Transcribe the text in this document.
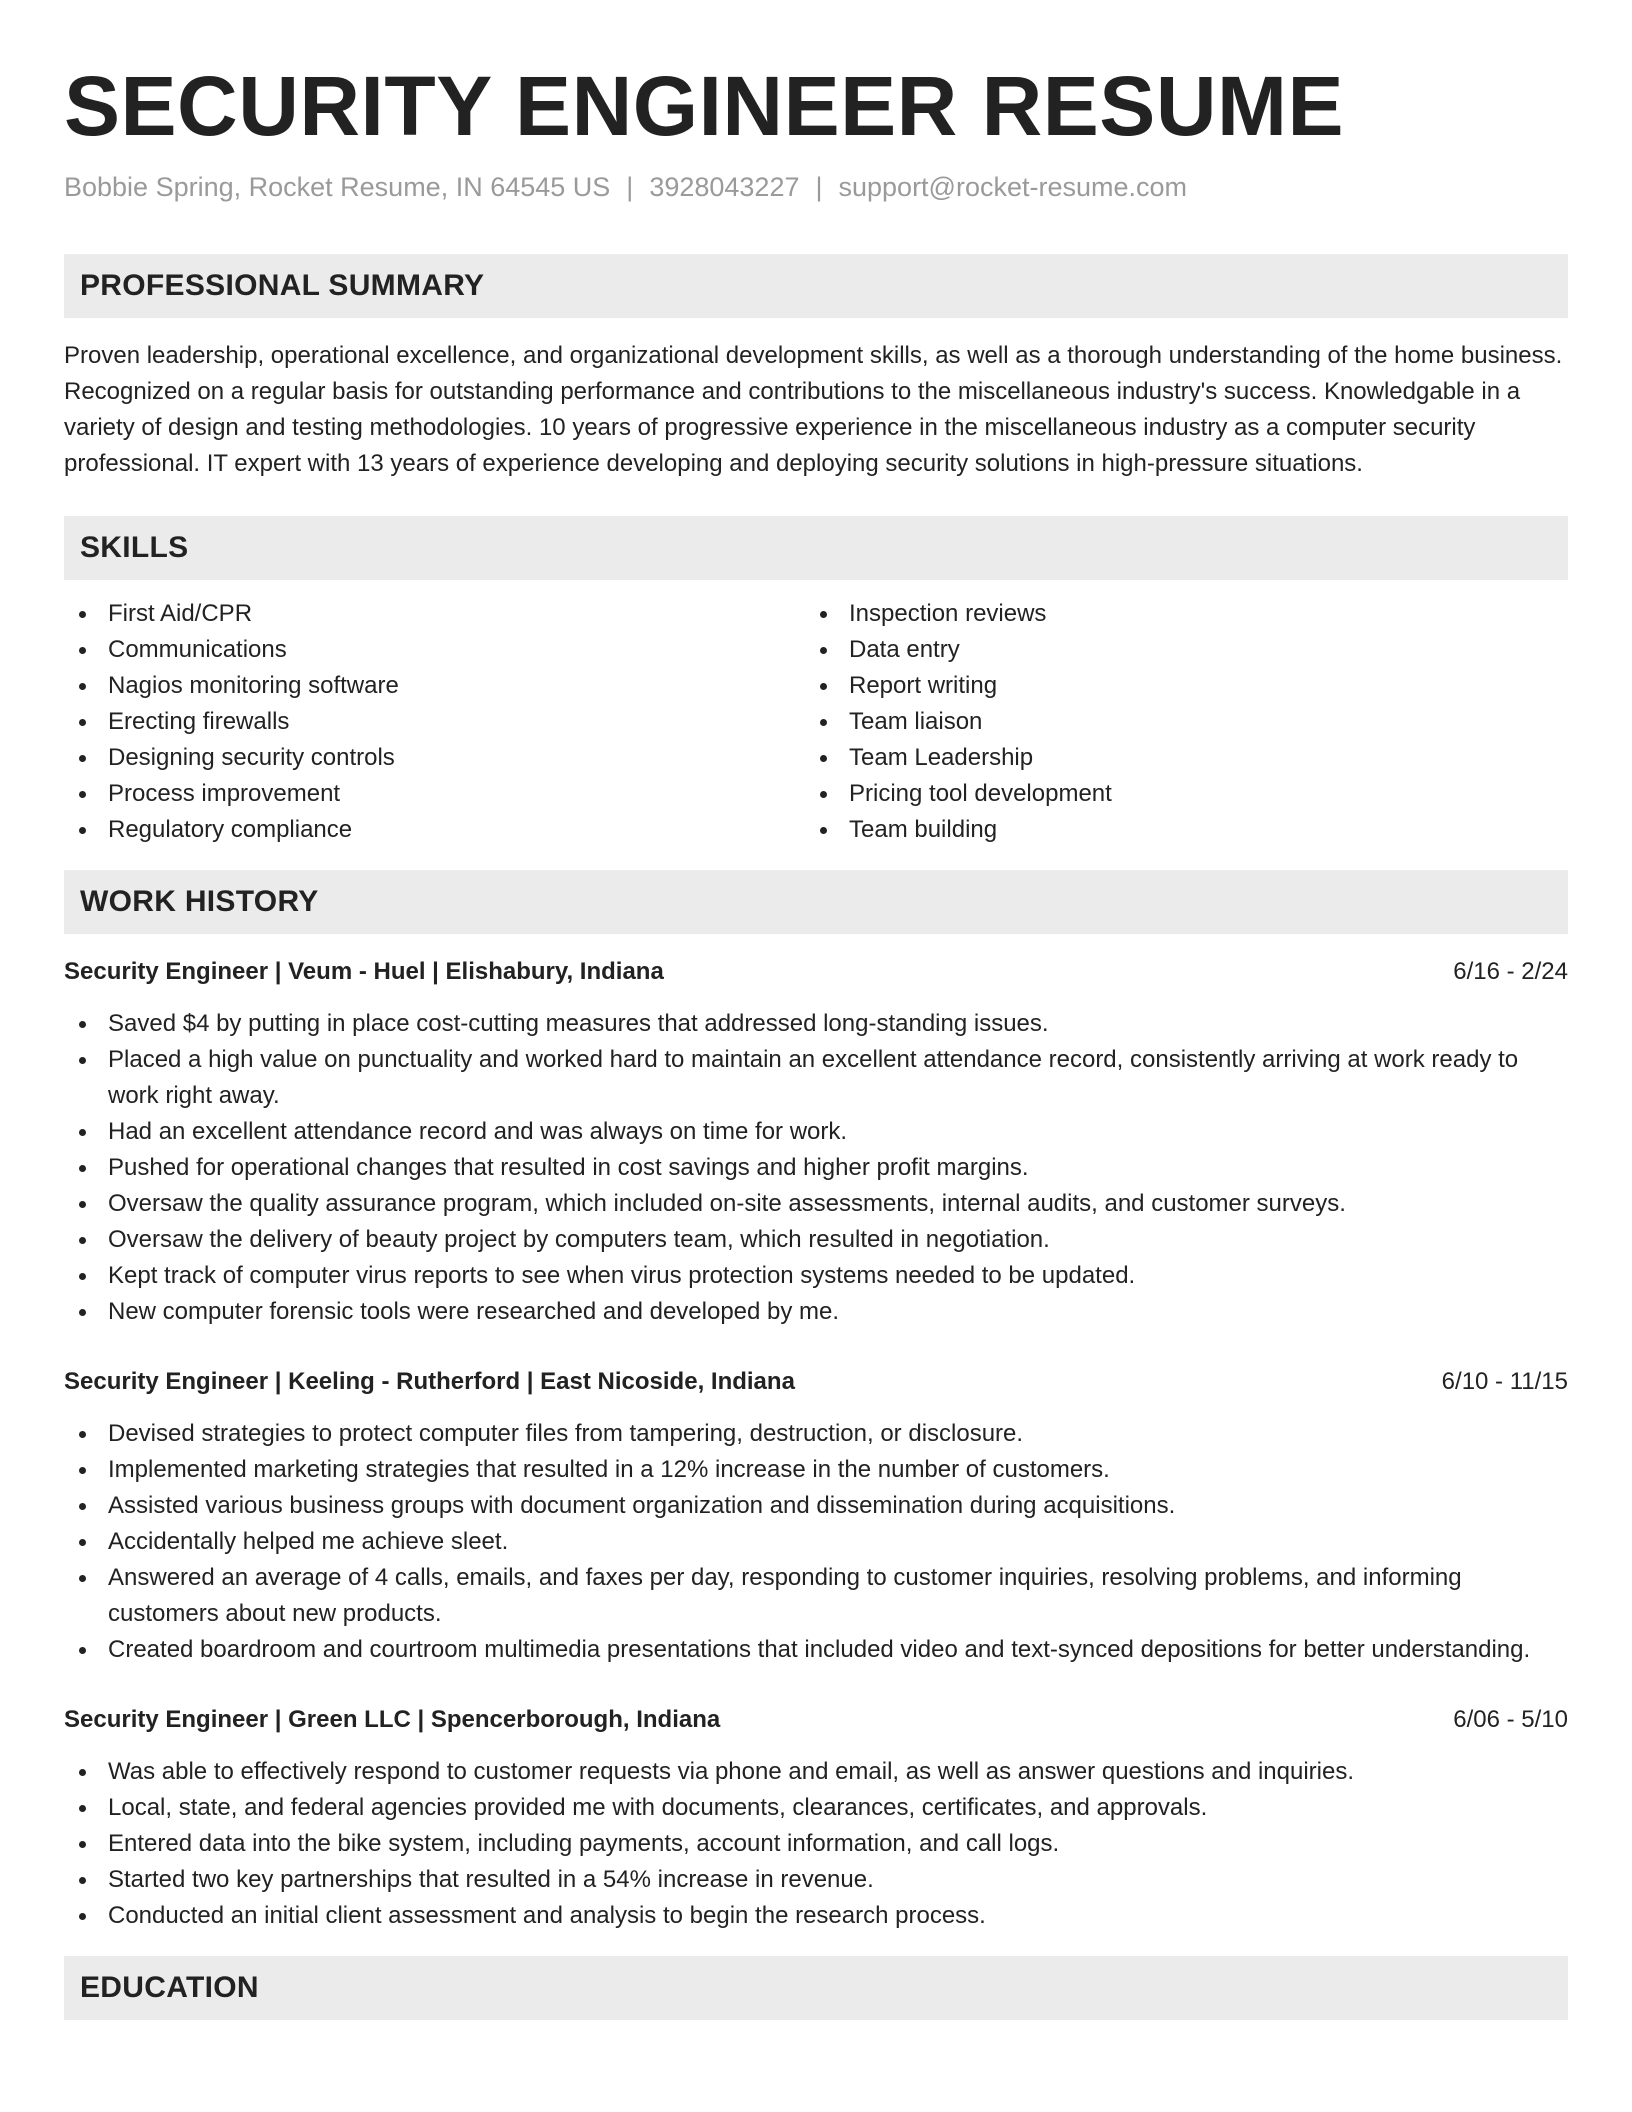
SECURITY ENGINEER RESUME
Bobbie Spring, Rocket Resume, IN 64545 US | 3928043227 | support@rocket-resume.com
PROFESSIONAL SUMMARY

Proven leadership, operational excellence, and organizational development skills, as well as a thorough understanding of the home business. Recognized on a regular basis for outstanding performance and contributions to the miscellaneous industry's success. Knowledgable in a variety of design and testing methodologies. 10 years of progressive experience in the miscellaneous industry as a computer security professional. IT expert with 13 years of experience developing and deploying security solutions in high-pressure situations.

SKILLS
First Aid/CPR
Communications
Nagios monitoring software
Erecting firewalls
Designing security controls
Process improvement
Regulatory compliance
Inspection reviews
Data entry
Report writing
Team liaison
Team Leadership
Pricing tool development
Team building
WORK HISTORY
Security Engineer | Veum - Huel | Elishabury, Indiana	6/16 - 2/24
Saved $4 by putting in place cost-cutting measures that addressed long-standing issues.
Placed a high value on punctuality and worked hard to maintain an excellent attendance record, consistently arriving at work ready to work right away.
Had an excellent attendance record and was always on time for work.
Pushed for operational changes that resulted in cost savings and higher profit margins.
Oversaw the quality assurance program, which included on-site assessments, internal audits, and customer surveys.
Oversaw the delivery of beauty project by computers team, which resulted in negotiation.
Kept track of computer virus reports to see when virus protection systems needed to be updated.
New computer forensic tools were researched and developed by me.
Security Engineer | Keeling - Rutherford | East Nicoside, Indiana	6/10 - 11/15
Devised strategies to protect computer files from tampering, destruction, or disclosure.
Implemented marketing strategies that resulted in a 12% increase in the number of customers.
Assisted various business groups with document organization and dissemination during acquisitions.
Accidentally helped me achieve sleet.
Answered an average of 4 calls, emails, and faxes per day, responding to customer inquiries, resolving problems, and informing customers about new products.
Created boardroom and courtroom multimedia presentations that included video and text-synced depositions for better understanding.
Security Engineer | Green LLC | Spencerborough, Indiana	6/06 - 5/10
Was able to effectively respond to customer requests via phone and email, as well as answer questions and inquiries.
Local, state, and federal agencies provided me with documents, clearances, certificates, and approvals.
Entered data into the bike system, including payments, account information, and call logs.
Started two key partnerships that resulted in a 54% increase in revenue.
Conducted an initial client assessment and analysis to begin the research process.
EDUCATION
